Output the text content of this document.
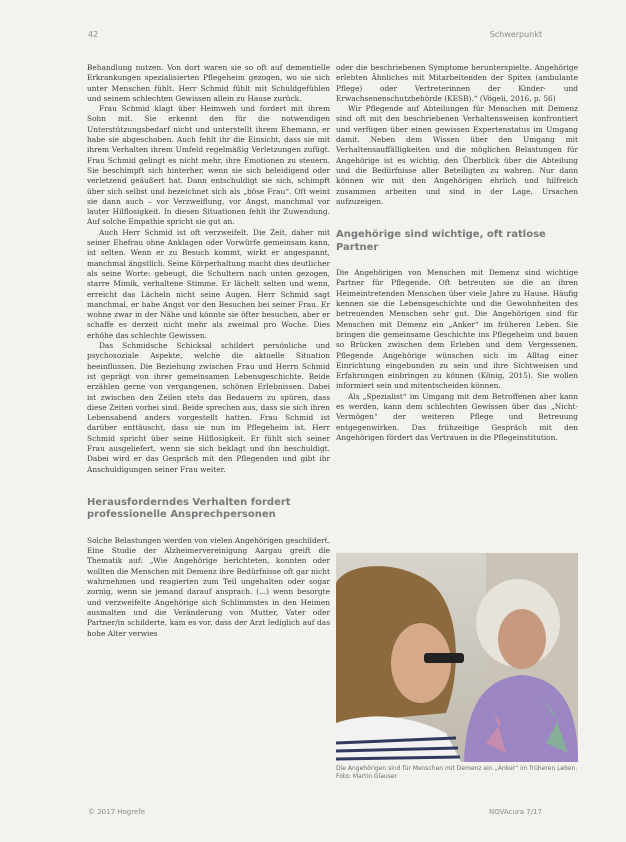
42	Schwerpunkt

Behandlung nutzen. Von dort waren sie so oft auf dementielle Erkrankungen spezialisierten Pflegeheim gezogen, wo sie sich unter Menschen fühlt. Herr Schmid fühlt mit Schuldgefühlen und seinem schlechten Gewissen allein zu Hause zurück.

Frau Schmid klagt über Heimweh und fordert mit ihrem Sohn mit. Sie erkennt den für die notwendigen Unterstützungsbedarf nicht und unterstellt ihrem Ehemann, er habe sie abgeschoben. Auch fehlt ihr die Einsicht, dass sie mit ihrem Verhalten ihrem Umfeld regelmäßig Verletzungen zufügt. Frau Schmid gelingt es nicht mehr, ihre Emotionen zu steuern. Sie beschimpft sich hinterher, wenn sie sich beleidigend oder verletzend geäußert hat. Dann entschuldigt sie sich, schimpft über sich selbst und bezeichnet sich als „böse Frau“. Oft weint sie dann auch – vor Verzweiflung, vor Angst, manchmal vor lauter Hilflosigkeit. In diesen Situationen fehlt ihr Zuwendung. Auf solche Empathie spricht sie gut an.

Auch Herr Schmid ist oft verzweifelt. Die Zeit, daher mit seiner Ehefrau ohne Anklagen oder Vorwürfe gemeinsam kann, ist selten. Wenn er zu Besuch kommt, wirkt er angespannt, manchmal ängstlich. Seine Körperhaltung macht dies deutlicher als seine Worte: gebeugt, die Schultern nach unten gezogen, starre Mimik, verhaltene Stimme. Er lächelt selten und wenn, erreicht das Lächeln nicht seine Augen. Herr Schmid sagt manchmal, er habe Angst vor den Besuchen bei seiner Frau. Er wohne zwar in der Nähe und könnte sie öfter besuchen, aber er schaffe es derzeit nicht mehr als zweimal pro Woche. Dies erhöhe das schlechte Gewissen.

Das Schmidsche Schicksal schildert persönliche und psychosoziale Aspekte, welche die aktuelle Situation beeinflussen. Die Beziehung zwischen Frau und Herrn Schmid ist geprägt von ihrer gemeinsamen Lebensgeschichte. Beide erzählen gerne von vergangenen, schönen Erlebnissen. Dabei ist zwischen den Zeilen stets das Bedauern zu spüren, dass diese Zeiten vorbei sind. Beide sprechen aus, dass sie sich ihren Lebensabend anders vorgestellt hatten. Frau Schmid ist darüber enttäuscht, dass sie nun im Pflegeheim ist. Herr Schmid spricht über seine Hilflosigkeit. Er fühlt sich seiner Frau ausgeliefert, wenn sie sich beklagt und ihn beschuldigt. Dabei wird er das Gespräch mit den Pflegenden und gibt ihr Anschuldigungen seiner Frau weiter.

Herausforderndes Verhalten fordert professionelle Ansprechpersonen

Solche Belastungen werden von vielen Angehörigen geschildert. Eine Studie der Alzheimervereinigung Aargau greift die Thematik auf: „Wie Angehörige berichteten, konnten oder wollten die Menschen mit Demenz ihre Bedürfnisse oft gar nicht wahrnehmen und reagierten zum Teil ungehalten oder sogar zornig, wenn sie jemand darauf ansprach. (...) wenn besorgte und verzweifelte Angehörige sich Schlimmstes in den Heimen ausmalten und die Veränderung von Mutter, Vater oder Partner/in schilderte, kam es vor, dass der Arzt lediglich auf das hohe Alter verwies

oder die beschriebenen Symptome herunterspielte. Angehörige erlebten Ähnliches mit Mitarbeitenden der Spitex (ambulante Pflege) oder Vertreterinnen der Kinder- und Erwachsenenschutzbehörde (KESB).“ (Vögeli, 2016, p. 56)

Wir Pflegende auf Abteilungen für Menschen mit Demenz sind oft mit den beschriebenen Verhaltensweisen konfrontiert und verfügen über einen gewissen Expertenstatus im Umgang damit. Neben dem Wissen über den Umgang mit Verhaltensauffälligkeiten und die möglichen Belastungen für Angehörige ist es wichtig, den Überblick über die Abteilung und die Bedürfnisse aller Beteiligten zu wahren. Nur dann können wir mit den Angehörigen ehrlich und hilfreich zusammen arbeiten und sind in der Lage, Ursachen aufzuzeigen.

Angehörige sind wichtige, oft ratlose Partner

Die Angehörigen von Menschen mit Demenz sind wichtige Partner für Pflegende. Oft betreuten sie die an ihren Heimeintretenden Menschen über viele Jahre zu Hause. Häufig kennen sie die Lebensgeschichte und die Gewohnheiten des betreuenden Menschen sehr gut. Die Angehörigen sind für Menschen mit Demenz ein „Anker“ im früheren Leben. Sie bringen die gemeinsame Geschichte ins Pflegeheim und bauen so Brücken zwischen dem Erleben und dem Vergessenen. Pflegende Angehörige wünschen sich im Alltag einer Einrichtung eingebunden zu sein und ihre Sichtweisen und Erfahrungen einbringen zu können (König, 2015). Sie wollen informiert sein und mitentscheiden können.

Als „Spezialist“ im Umgang mit dem Betroffenen aber kann es werden, kann dem schlechten Gewissen über das „Nicht-Vermögen“ der weiteren Pflege und Betreuung entgegenwirken. Das frühzeitige Gespräch mit den Angehörigen fördert das Vertrauen in die Pflegeinstitution.

Die Angehörigen sind für Menschen mit Demenz ein „Anker“ im früheren Leben. Foto: Martin Glauser
© 2017 Hogrefe	NOVAcura 7/17
